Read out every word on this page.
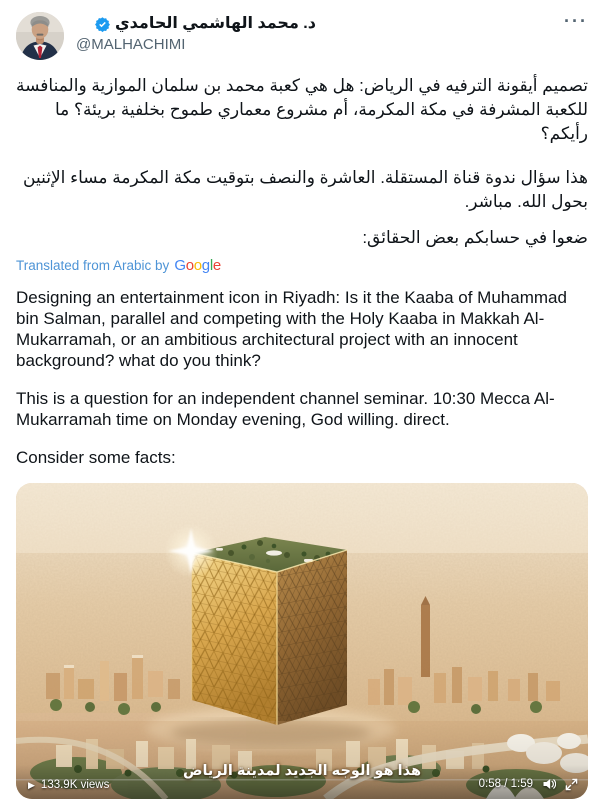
د. محمد الهاشمي الحامدي
@MALHACHIMI
···

تصميم أيقونة الترفيه في الرياض: هل هي كعبة محمد بن سلمان الموازية والمنافسة للكعبة المشرفة في مكة المكرمة، أم مشروع معماري طموح بخلفية بريئة؟ ما رأيكم؟

هذا سؤال ندوة قناة المستقلة. العاشرة والنصف بتوقيت مكة المكرمة مساء الإثنين بحول الله. مباشر.

ضعوا في حسابكم بعض الحقائق:

Translated from Arabic by Google

Designing an entertainment icon in Riyadh: Is it the Kaaba of Muhammad bin Salman, parallel and competing with the Holy Kaaba in Makkah Al-Mukarramah, or an ambitious architectural project with an innocent background? what do you think?

This is a question for an independent channel seminar. 10:30 Mecca Al-Mukarramah time on Monday evening, God willing. direct.

Consider some facts:

هذا هو الوجه الجديد لمدينة الرياض
▶ 133.9K views	0:58 / 1:59
